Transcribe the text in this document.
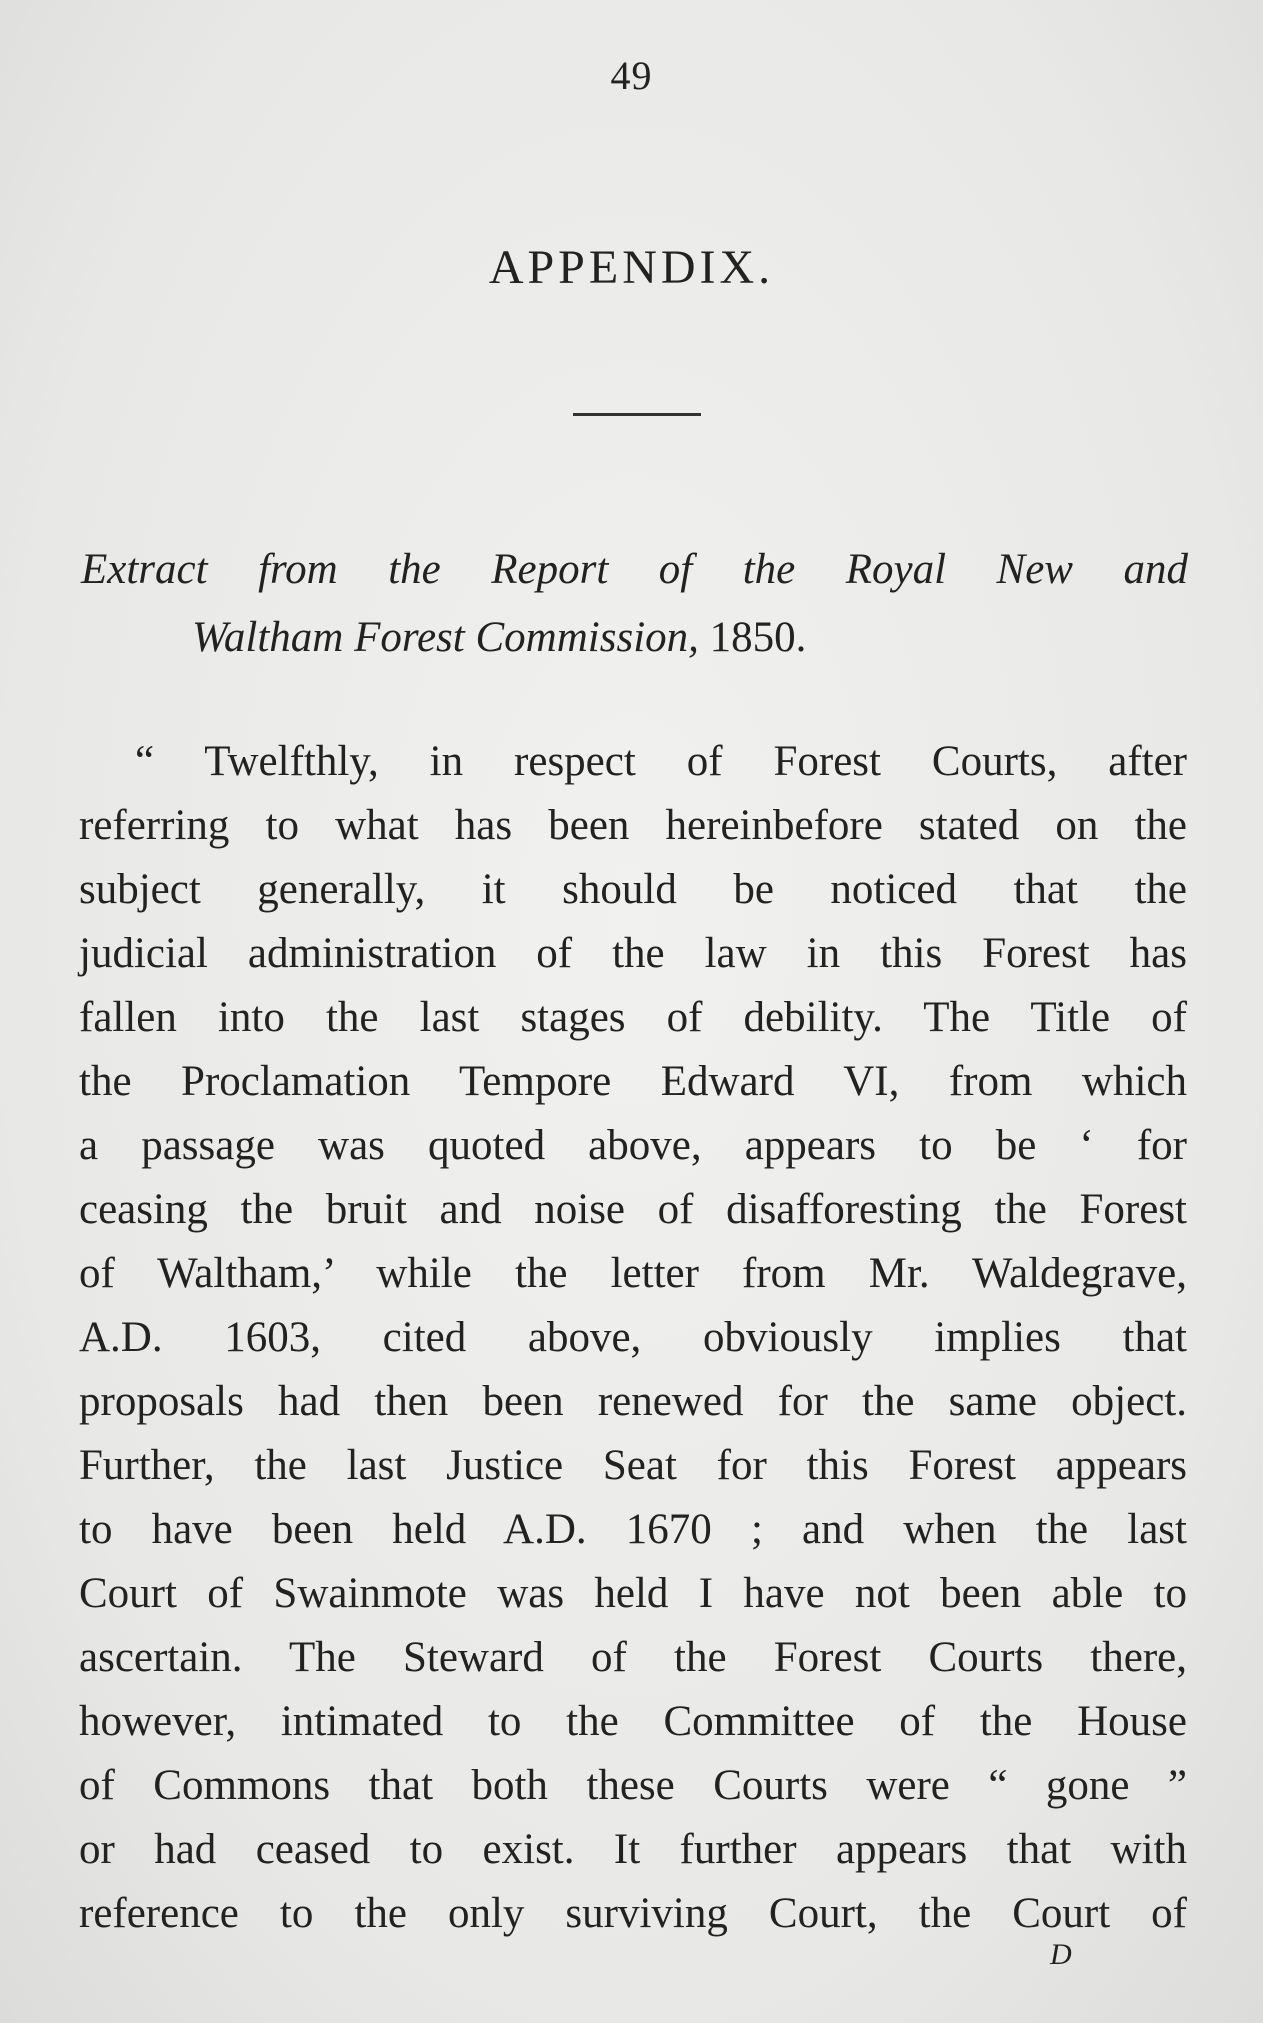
49
APPENDIX.
Extract from the Report of the Royal New and
Waltham Forest Commission, 1850.
“ Twelfthly, in respect of Forest Courts, after
referring to what has been hereinbefore stated on the
subject generally, it should be noticed that the
judicial administration of the law in this Forest has
fallen into the last stages of debility. The Title of
the Proclamation Tempore Edward VI, from which
a passage was quoted above, appears to be ‘ for
ceasing the bruit and noise of disafforesting the Forest
of Waltham,’ while the letter from Mr. Waldegrave,
A.D. 1603, cited above, obviously implies that
proposals had then been renewed for the same object.
Further, the last Justice Seat for this Forest appears
to have been held A.D. 1670 ; and when the last
Court of Swainmote was held I have not been able to
ascertain. The Steward of the Forest Courts there,
however, intimated to the Committee of the House
of Commons that both these Courts were “ gone ”
or had ceased to exist. It further appears that with
reference to the only surviving Court, the Court of
D
